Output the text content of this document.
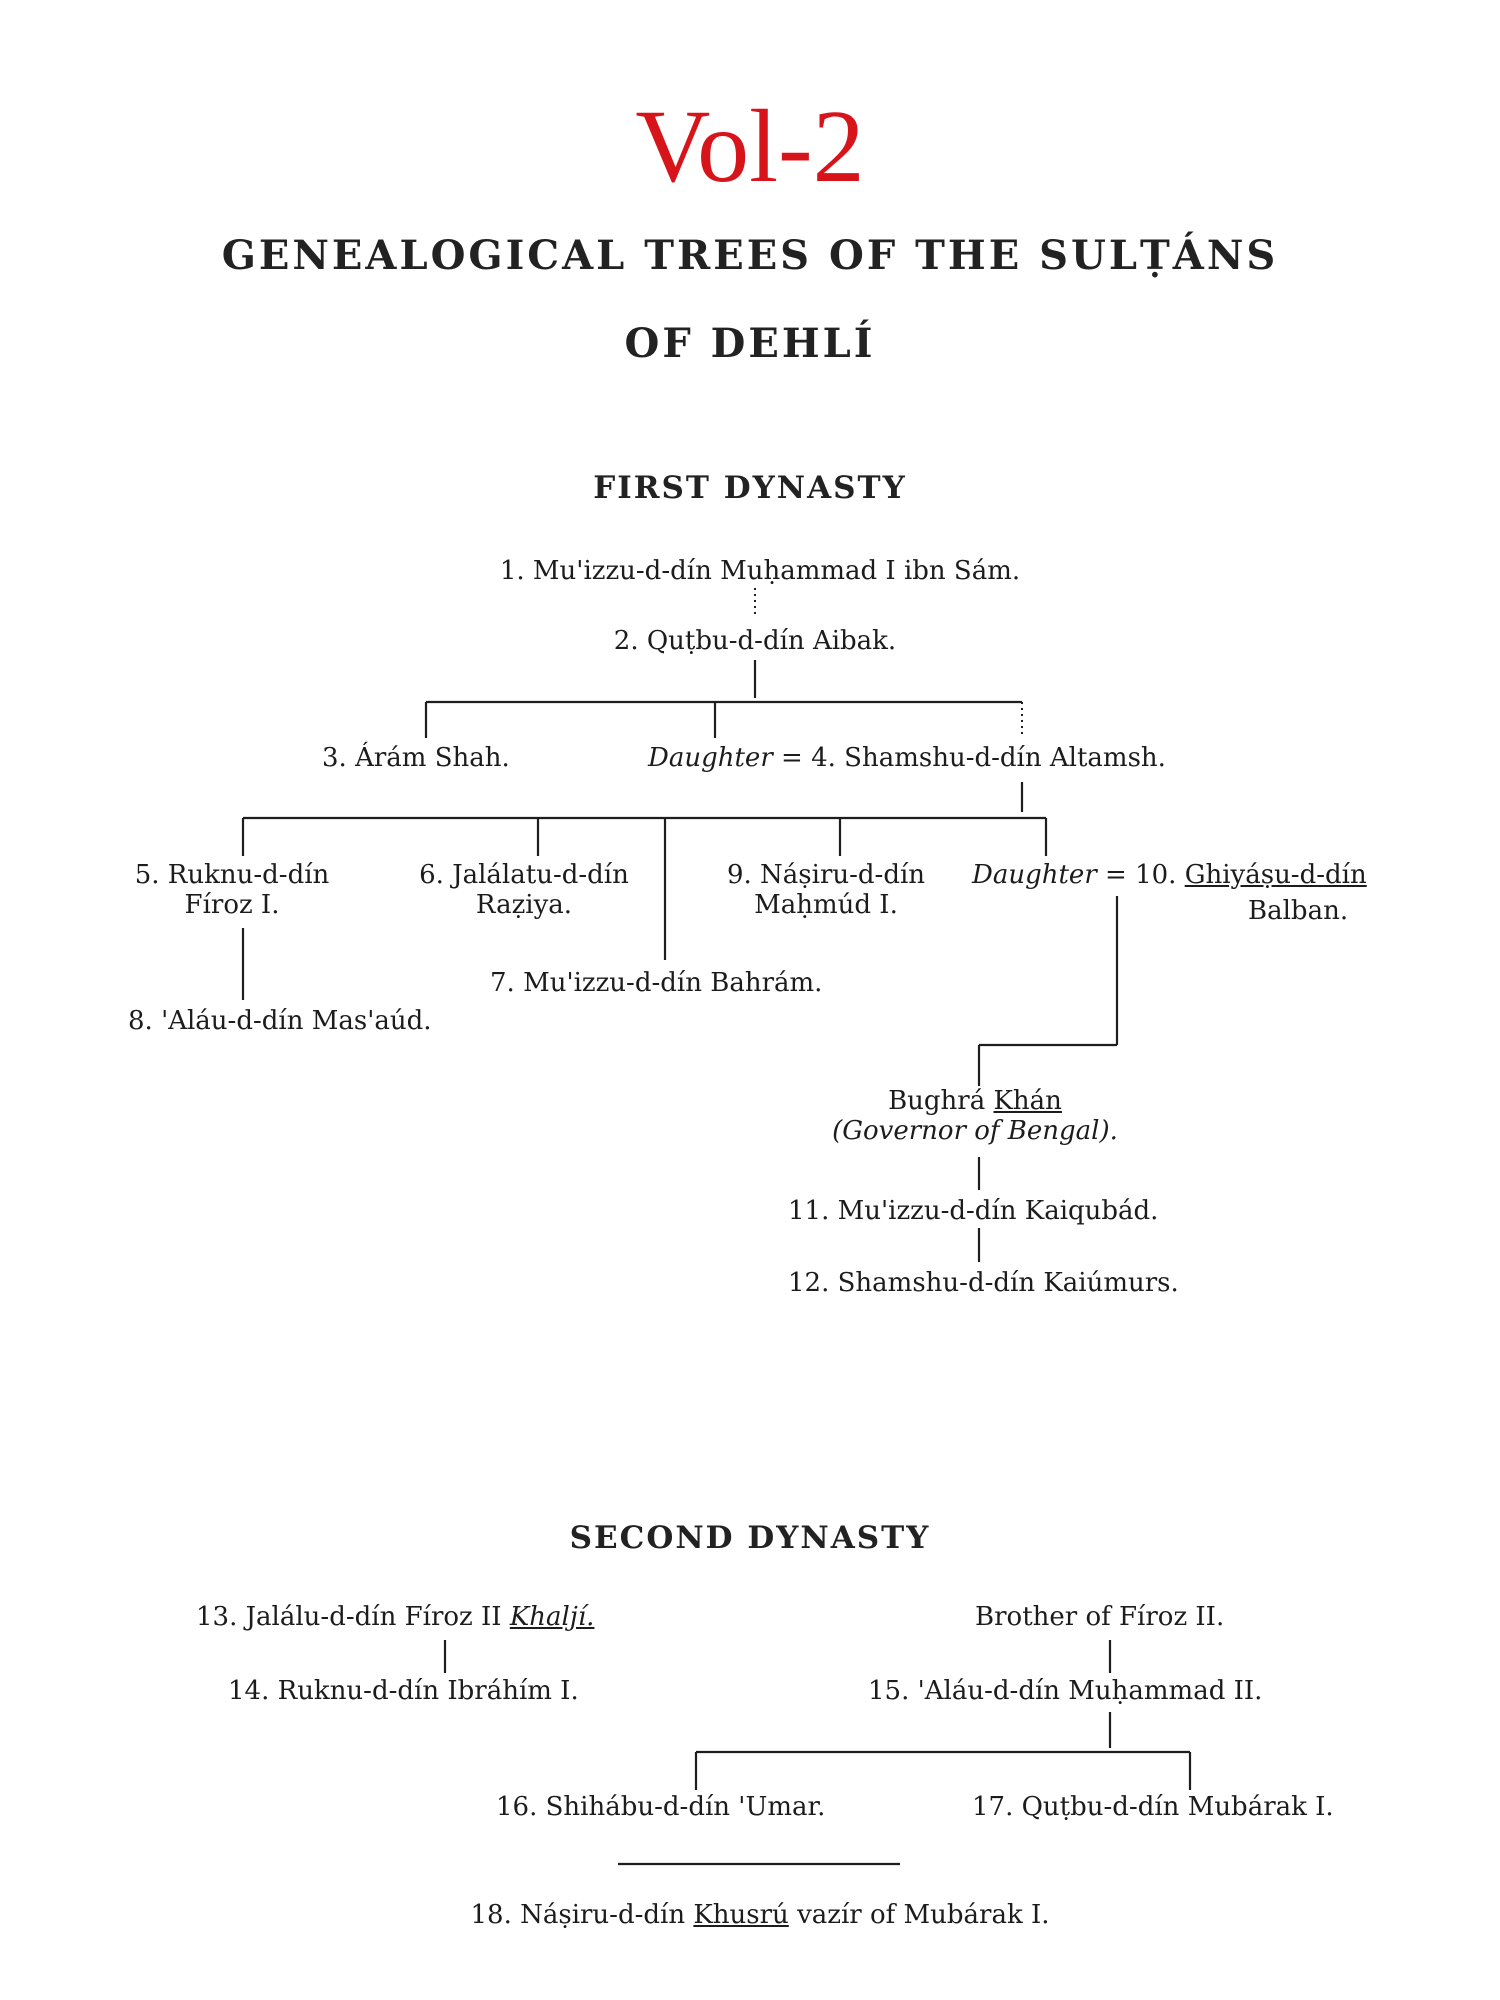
Vol-2
GENEALOGICAL TREES OF THE SULṬÁNS
OF DEHLÍ
FIRST DYNASTY
1. Mu'izzu-d-dín Muḥammad I ibn Sám.
2. Quṭbu-d-dín Aibak.
3. Árám Shah.	Daughter = 4. Shamshu-d-dín Altamsh.
5. Ruknu-d-dín
Fíroz I.
6. Jalálatu-d-dín
Raẓiya.
9. Náṣiru-d-dín
Maḥmúd I.
Daughter = 10. Ghiyáṣu-d-dín
Balban.
7. Mu'izzu-d-dín Bahrám.
8. 'Aláu-d-dín Mas'aúd.
Bughrá Khán
(Governor of Bengal).
11. Mu'izzu-d-dín Kaiqubád.
12. Shamshu-d-dín Kaiúmurs.
SECOND DYNASTY
13. Jalálu-d-dín Fíroz II Khaljí.	Brother of Fíroz II.
14. Ruknu-d-dín Ibráhím I.	15. 'Aláu-d-dín Muḥammad II.
16. Shihábu-d-dín 'Umar.	17. Quṭbu-d-dín Mubárak I.
18. Náṣiru-d-dín Khusrú vazír of Mubárak I.
